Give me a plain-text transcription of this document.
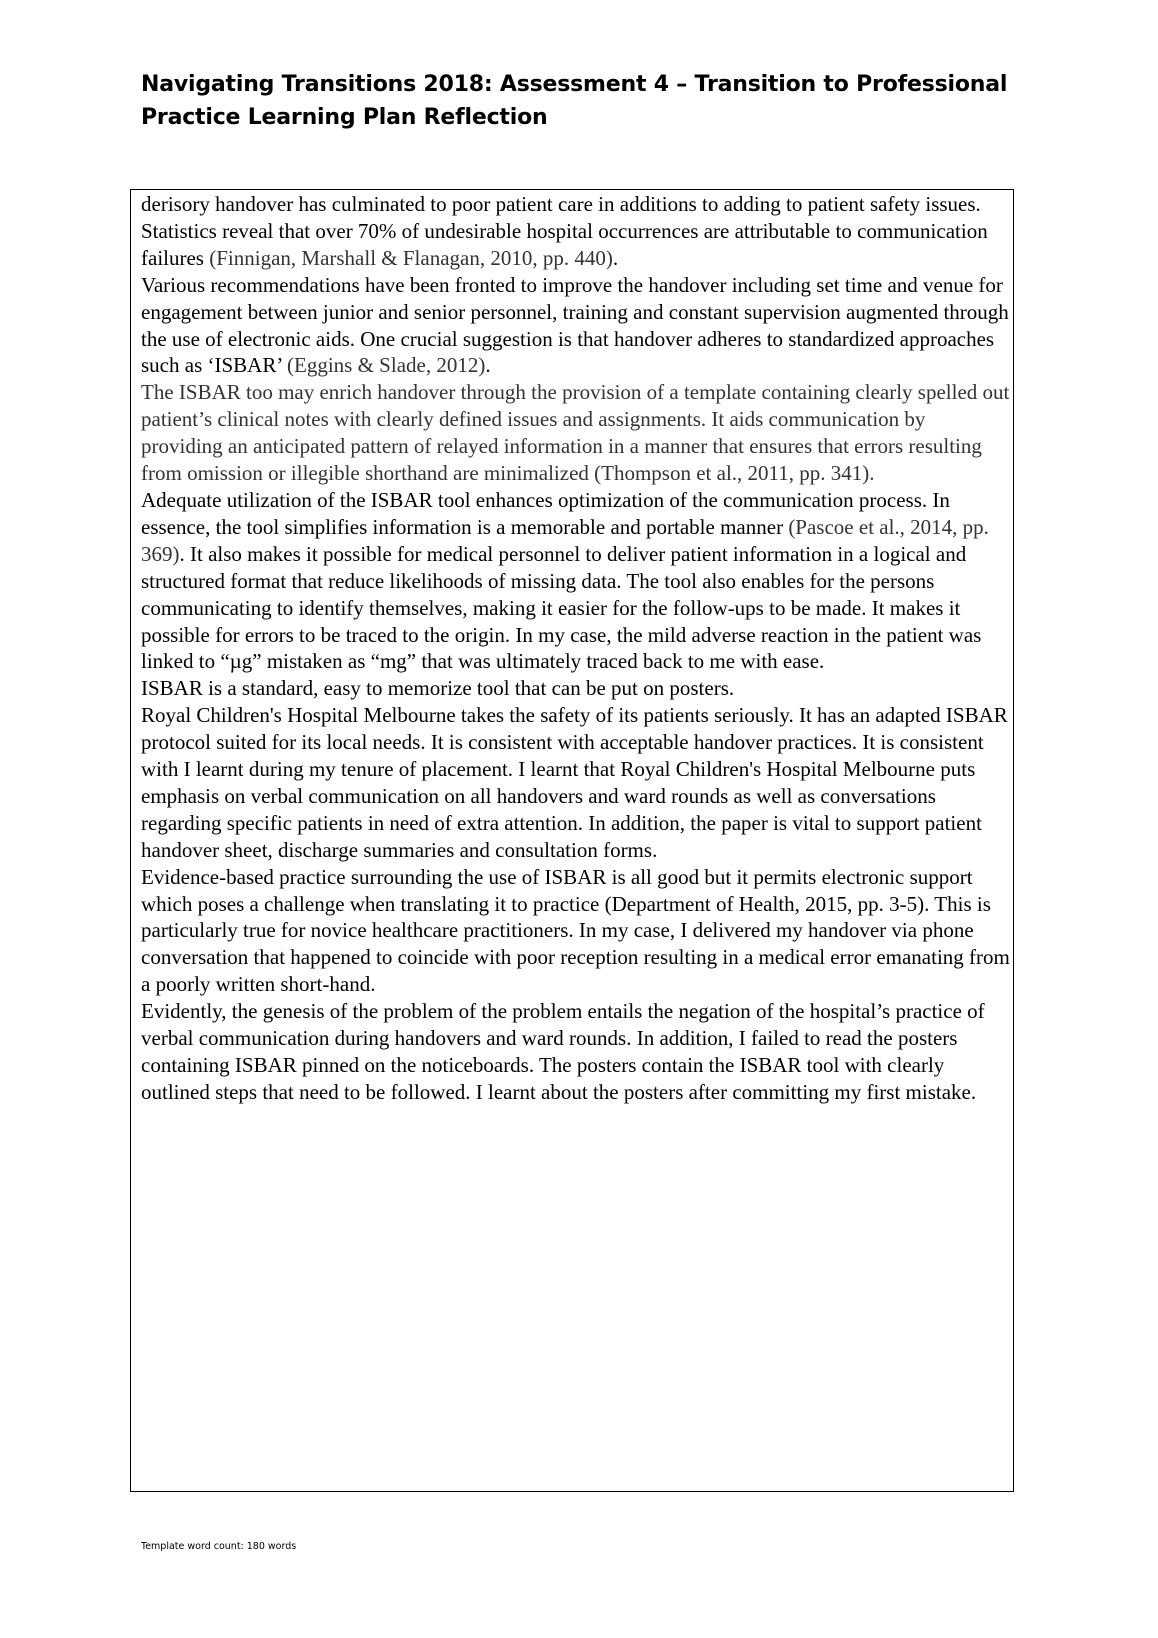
Navigating Transitions 2018: Assessment 4 – Transition to Professional
Practice Learning Plan Reflection

derisory handover has culminated to poor patient care in additions to adding to patient safety issues. Statistics reveal that over 70% of undesirable hospital occurrences are attributable to communication failures (Finnigan, Marshall & Flanagan, 2010, pp. 440).

Various recommendations have been fronted to improve the handover including set time and venue for engagement between junior and senior personnel, training and constant supervision augmented through the use of electronic aids. One crucial suggestion is that handover adheres to standardized approaches such as ‘ISBAR’ (Eggins & Slade, 2012).

The ISBAR too may enrich handover through the provision of a template containing clearly spelled out patient’s clinical notes with clearly defined issues and assignments. It aids communication by providing an anticipated pattern of relayed information in a manner that ensures that errors resulting from omission or illegible shorthand are minimalized (Thompson et al., 2011, pp. 341).

Adequate utilization of the ISBAR tool enhances optimization of the communication process. In essence, the tool simplifies information is a memorable and portable manner (Pascoe et al., 2014, pp. 369). It also makes it possible for medical personnel to deliver patient information in a logical and structured format that reduce likelihoods of missing data. The tool also enables for the persons communicating to identify themselves, making it easier for the follow-ups to be made. It makes it possible for errors to be traced to the origin. In my case, the mild adverse reaction in the patient was linked to “µg” mistaken as “mg” that was ultimately traced back to me with ease.

ISBAR is a standard, easy to memorize tool that can be put on posters.

Royal Children's Hospital Melbourne takes the safety of its patients seriously. It has an adapted ISBAR protocol suited for its local needs. It is consistent with acceptable handover practices. It is consistent with I learnt during my tenure of placement. I learnt that Royal Children's Hospital Melbourne puts emphasis on verbal communication on all handovers and ward rounds as well as conversations regarding specific patients in need of extra attention. In addition, the paper is vital to support patient handover sheet, discharge summaries and consultation forms.

Evidence-based practice surrounding the use of ISBAR is all good but it permits electronic support which poses a challenge when translating it to practice (Department of Health, 2015, pp. 3-5). This is particularly true for novice healthcare practitioners. In my case, I delivered my handover via phone conversation that happened to coincide with poor reception resulting in a medical error emanating from a poorly written short-hand.

Evidently, the genesis of the problem of the problem entails the negation of the hospital’s practice of verbal communication during handovers and ward rounds. In addition, I failed to read the posters containing ISBAR pinned on the noticeboards. The posters contain the ISBAR tool with clearly outlined steps that need to be followed. I learnt about the posters after committing my first mistake.

Template word count: 180 words
